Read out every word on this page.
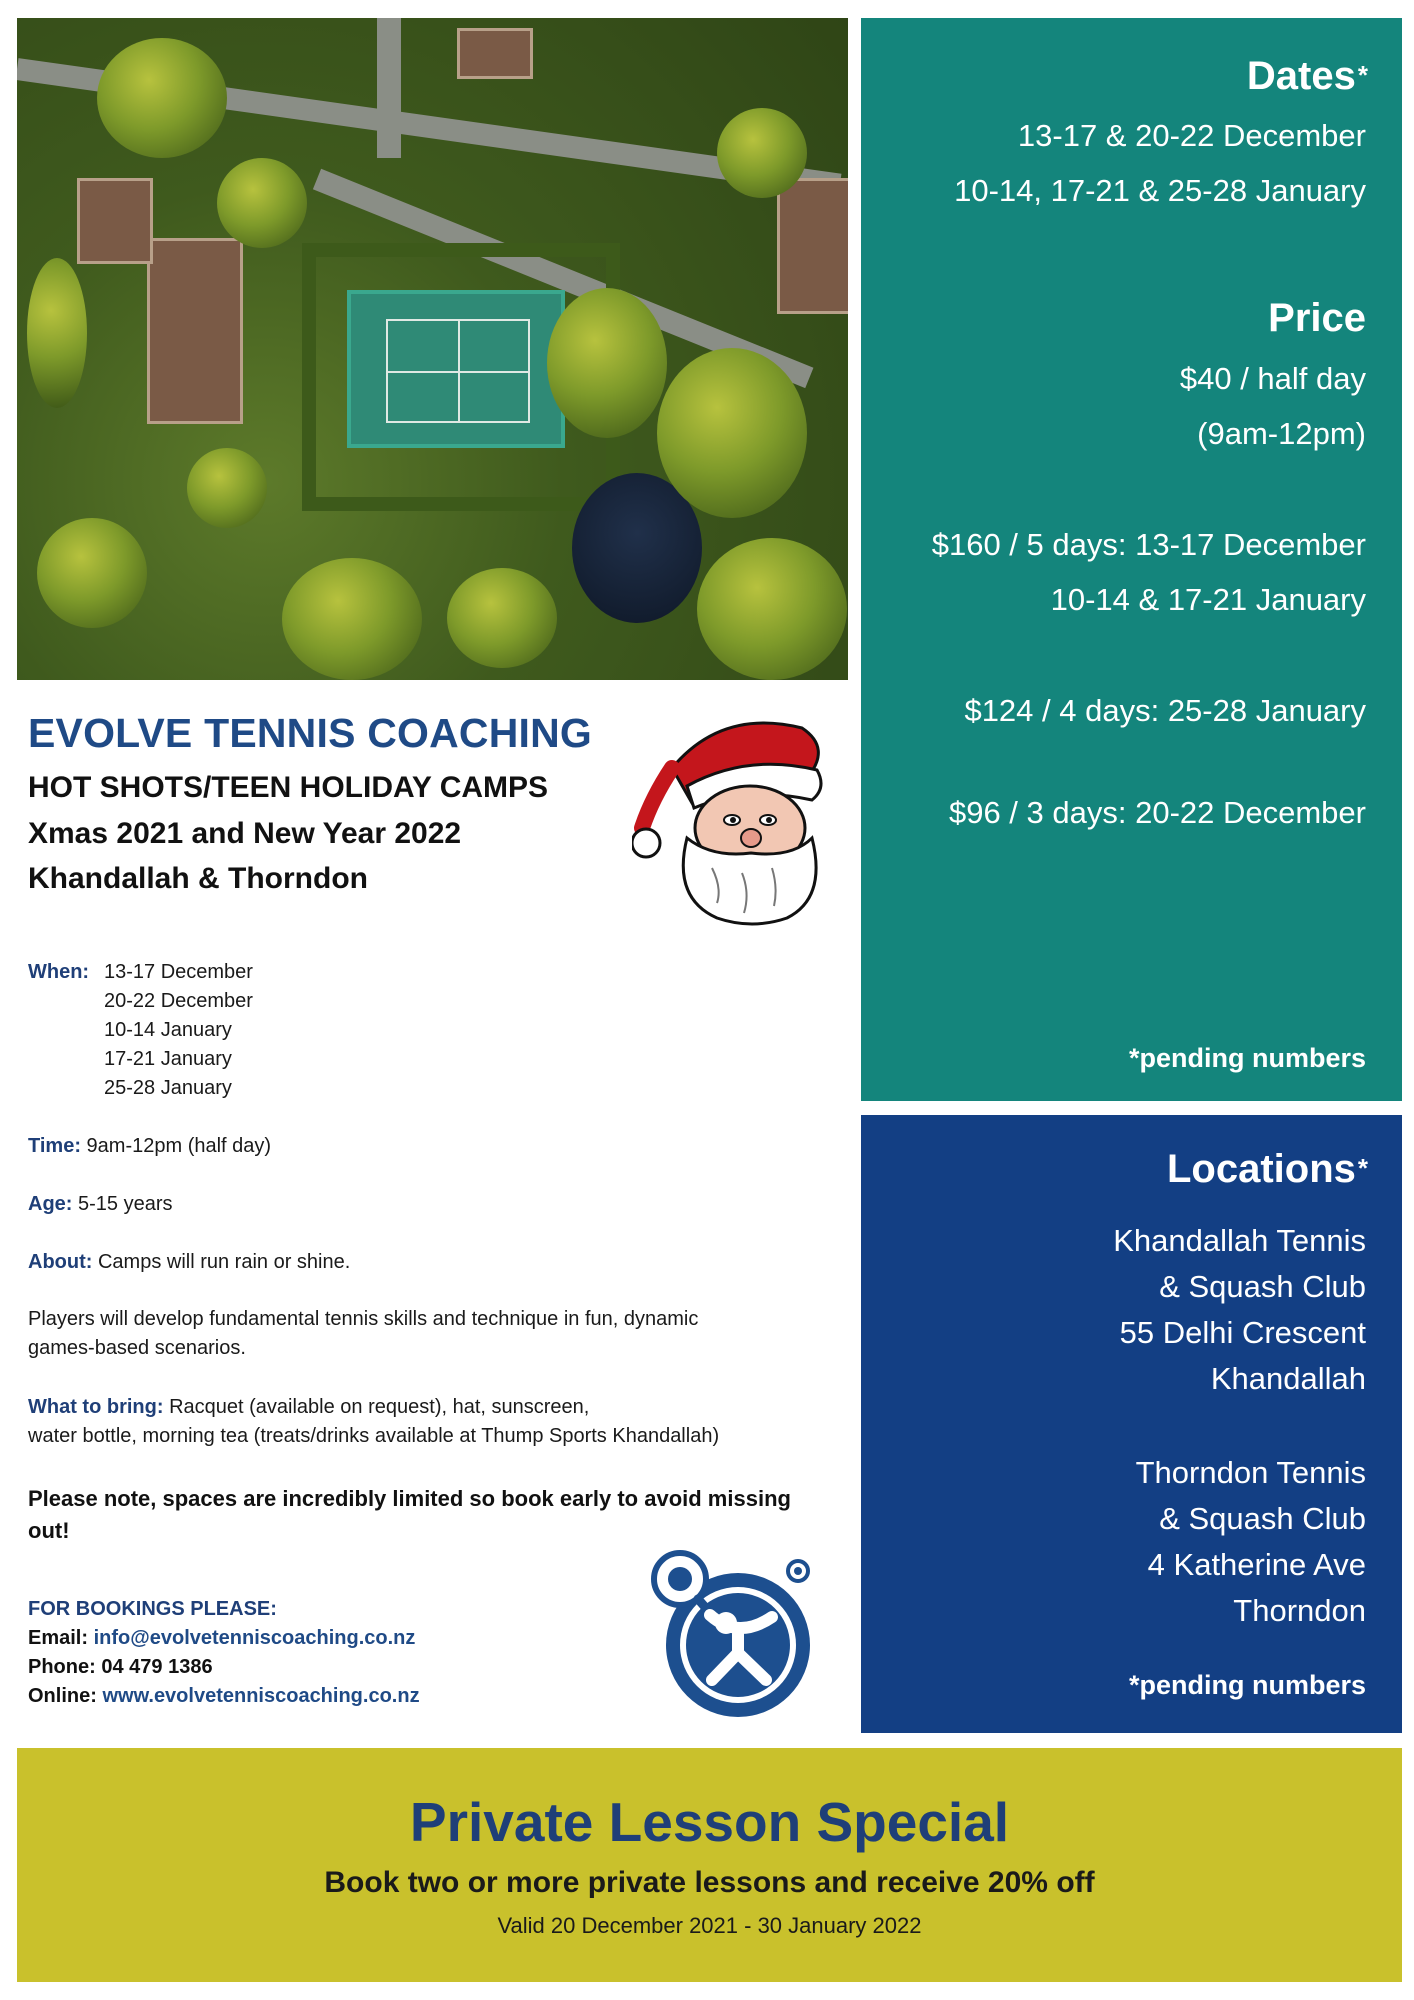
EVOLVE TENNIS COACHING
HOT SHOTS/TEEN HOLIDAY CAMPS
Xmas 2021 and New Year 2022
Khandallah & Thorndon
When: 13-17 December
20-22 December
10-14 January
17-21 January
25-28 January
Time: 9am-12pm (half day)
Age: 5-15 years
About: Camps will run rain or shine.
Players will develop fundamental tennis skills and technique in fun, dynamic
games-based scenarios.
What to bring: Racquet (available on request), hat, sunscreen,
water bottle, morning tea (treats/drinks available at Thump Sports Khandallah)
Please note, spaces are incredibly limited so book early to avoid missing
out!
FOR BOOKINGS PLEASE:
Email: info@evolvetenniscoaching.co.nz
Phone: 04 479 1386
Online: www.evolvetenniscoaching.co.nz
Dates*
13-17 & 20-22 December
10-14, 17-21 & 25-28 January
Price
$40 / half day
(9am-12pm)
$160 / 5 days: 13-17 December
10-14 & 17-21 January
$124 / 4 days: 25-28 January
$96 / 3 days: 20-22 December
*pending numbers
Locations*
Khandallah Tennis
& Squash Club
55 Delhi Crescent
Khandallah
Thorndon Tennis
& Squash Club
4 Katherine Ave
Thorndon
*pending numbers
Private Lesson Special
Book two or more private lessons and receive 20% off
Valid 20 December 2021 - 30 January 2022
